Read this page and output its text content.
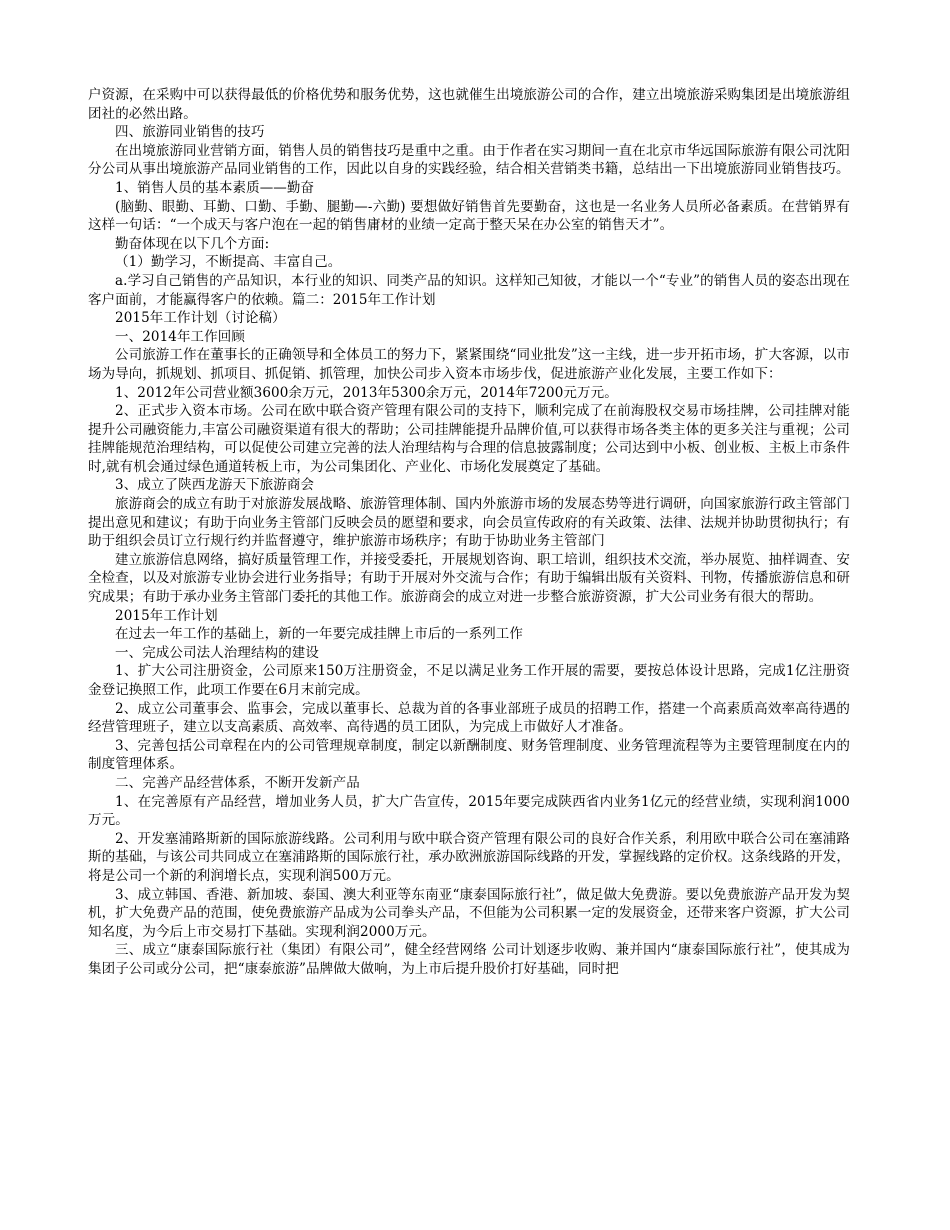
户资源，在采购中可以获得最低的价格优势和服务优势，这也就催生出境旅游公司的合作，建立出境旅游采购集团是出境旅游组团社的必然出路。

四、旅游同业销售的技巧

在出境旅游同业营销方面，销售人员的销售技巧是重中之重。由于作者在实习期间一直在北京市华远国际旅游有限公司沈阳分公司从事出境旅游产品同业销售的工作，因此以自身的实践经验，结合相关营销类书籍，总结出一下出境旅游同业销售技巧。

1、销售人员的基本素质——勤奋

(脑勤、眼勤、耳勤、口勤、手勤、腿勤—-六勤) 要想做好销售首先要勤奋，这也是一名业务人员所必备素质。在营销界有这样一句话：“一个成天与客户泡在一起的销售庸材的业绩一定高于整天呆在办公室的销售天才”。

勤奋体现在以下几个方面:

（1）勤学习，不断提高、丰富自己。

a.学习自己销售的产品知识，本行业的知识、同类产品的知识。这样知己知彼，才能以一个“专业”的销售人员的姿态出现在客户面前，才能赢得客户的依赖。篇二：2015年工作计划

2015年工作计划（讨论稿）

一、2014年工作回顾

公司旅游工作在董事长的正确领导和全体员工的努力下，紧紧围绕“同业批发”这一主线，进一步开拓市场，扩大客源，以市场为导向，抓规划、抓项目、抓促销、抓管理，加快公司步入资本市场步伐，促进旅游产业化发展，主要工作如下：

1、2012年公司营业额3600余万元，2013年5300余万元，2014年7200元万元。

2、正式步入资本市场。公司在欧中联合资产管理有限公司的支持下，顺利完成了在前海股权交易市场挂牌，公司挂牌对能提升公司融资能力,丰富公司融资渠道有很大的帮助；公司挂牌能提升品牌价值,可以获得市场各类主体的更多关注与重视；公司挂牌能规范治理结构，可以促使公司建立完善的法人治理结构与合理的信息披露制度；公司达到中小板、创业板、主板上市条件时,就有机会通过绿色通道转板上市，为公司集团化、产业化、市场化发展奠定了基础。

3、成立了陕西龙游天下旅游商会

旅游商会的成立有助于对旅游发展战略、旅游管理体制、国内外旅游市场的发展态势等进行调研，向国家旅游行政主管部门提出意见和建议；有助于向业务主管部门反映会员的愿望和要求，向会员宣传政府的有关政策、法律、法规并协助贯彻执行；有助于组织会员订立行规行约并监督遵守，维护旅游市场秩序；有助于协助业务主管部门

建立旅游信息网络，搞好质量管理工作，并接受委托，开展规划咨询、职工培训，组织技术交流，举办展览、抽样调查、安全检查，以及对旅游专业协会进行业务指导；有助于开展对外交流与合作；有助于编辑出版有关资料、刊物，传播旅游信息和研究成果；有助于承办业务主管部门委托的其他工作。旅游商会的成立对进一步整合旅游资源，扩大公司业务有很大的帮助。

2015年工作计划

在过去一年工作的基础上，新的一年要完成挂牌上市后的一系列工作

一、完成公司法人治理结构的建设

1、扩大公司注册资金，公司原来150万注册资金，不足以满足业务工作开展的需要，要按总体设计思路，完成1亿注册资金登记换照工作，此项工作要在6月末前完成。

2、成立公司董事会、监事会，完成以董事长、总裁为首的各事业部班子成员的招聘工作，搭建一个高素质高效率高待遇的经营管理班子，建立以支高素质、高效率、高待遇的员工团队，为完成上市做好人才准备。

3、完善包括公司章程在内的公司管理规章制度，制定以新酬制度、财务管理制度、业务管理流程等为主要管理制度在内的制度管理体系。

二、完善产品经营体系，不断开发新产品

1、在完善原有产品经营，增加业务人员，扩大广告宣传，2015年要完成陕西省内业务1亿元的经营业绩，实现利润1000万元。

2、开发塞浦路斯新的国际旅游线路。公司利用与欧中联合资产管理有限公司的良好合作关系，利用欧中联合公司在塞浦路斯的基础，与该公司共同成立在塞浦路斯的国际旅行社，承办欧洲旅游国际线路的开发，掌握线路的定价权。这条线路的开发，将是公司一个新的利润增长点，实现利润500万元。

3、成立韩国、香港、新加坡、泰国、澳大利亚等东南亚“康泰国际旅行社”，做足做大免费游。要以免费旅游产品开发为契机，扩大免费产品的范围，使免费旅游产品成为公司拳头产品，不但能为公司积累一定的发展资金，还带来客户资源，扩大公司知名度，为今后上市交易打下基础。实现利润2000万元。

三、成立“康泰国际旅行社（集团）有限公司”，健全经营网络 公司计划逐步收购、兼并国内“康泰国际旅行社”，使其成为集团子公司或分公司，把“康泰旅游”品牌做大做响，为上市后提升股价打好基础，同时把
